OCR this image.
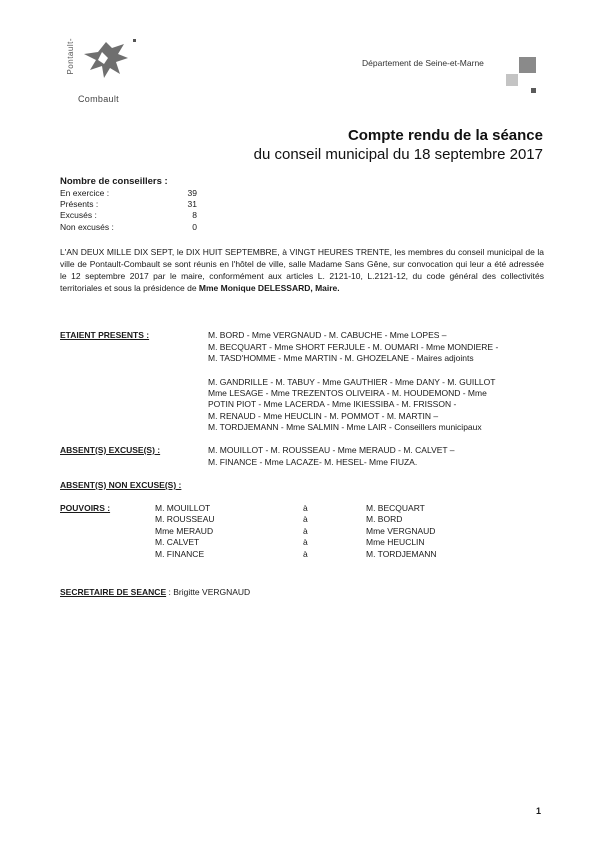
Pontault-
Combault
Département de Seine-et-Marne
Compte rendu de la séance
du conseil municipal du 18 septembre 2017
Nombre de conseillers :
En exercice :	39
Présents :	31
Excusés :	8
Non excusés :	0
L'AN DEUX MILLE DIX SEPT, le DIX HUIT SEPTEMBRE, à VINGT HEURES TRENTE, les membres du conseil municipal de la ville de Pontault-Combault se sont réunis en l'hôtel de ville, salle Madame Sans Gêne, sur convocation qui leur a été adressée le 12 septembre 2017 par le maire, conformément aux articles L. 2121-10, L.2121-12, du code général des collectivités territoriales et sous la présidence de Mme Monique DELESSARD, Maire.
ETAIENT PRESENTS :	M. BORD - Mme VERGNAUD - M. CABUCHE - Mme LOPES –
M. BECQUART - Mme SHORT FERJULE - M. OUMARI - Mme MONDIERE -
M. TASD'HOMME - Mme MARTIN - M. GHOZELANE - Maires adjoints
M. GANDRILLE - M. TABUY - Mme GAUTHIER - Mme DANY - M. GUILLOT
Mme LESAGE - Mme TREZENTOS OLIVEIRA - M. HOUDEMOND - Mme
POTIN PIOT - Mme LACERDA - Mme IKIESSIBA - M. FRISSON -
M. RENAUD - Mme HEUCLIN - M. POMMOT - M. MARTIN –
M. TORDJEMANN - Mme SALMIN - Mme LAIR - Conseillers municipaux
ABSENT(S) EXCUSE(S) :	M. MOUILLOT - M. ROUSSEAU - Mme MERAUD - M. CALVET –
M. FINANCE - Mme LACAZE- M. HESEL- Mme FIUZA.
ABSENT(S) NON EXCUSE(S) :
POUVOIRS :	M. MOUILLOT	à	M. BECQUART
M. ROUSSEAU	à	M. BORD
Mme MERAUD	à	Mme VERGNAUD
M. CALVET	à	Mme HEUCLIN
M. FINANCE	à	M. TORDJEMANN
SECRETAIRE DE SEANCE : Brigitte VERGNAUD
1
